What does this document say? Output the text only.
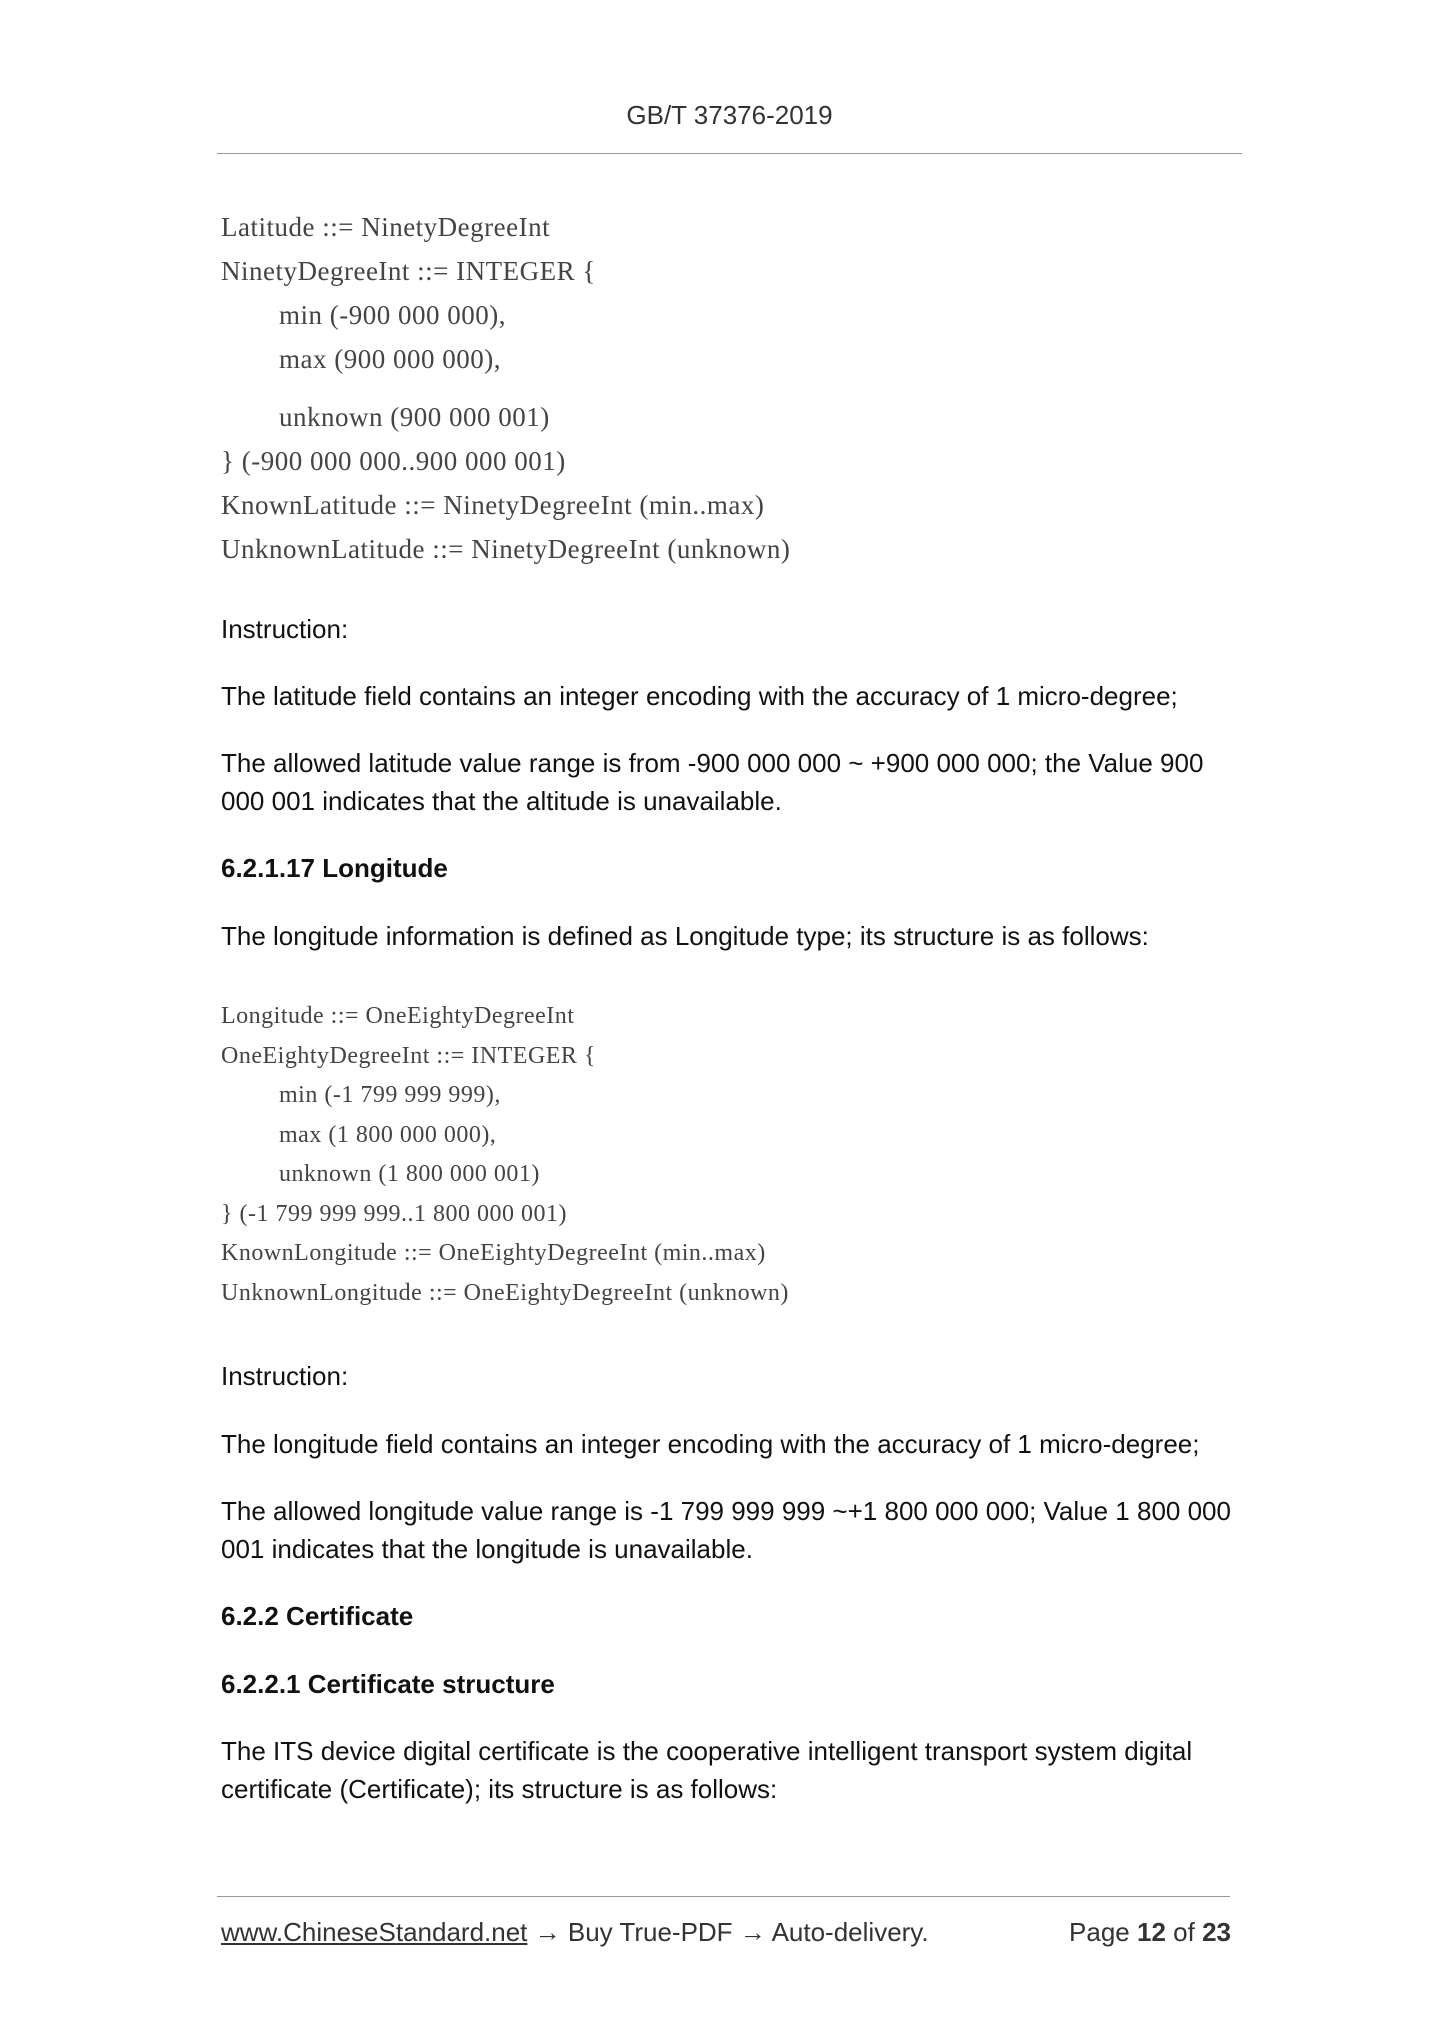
GB/T 37376-2019
Latitude ::= NinetyDegreeInt
NinetyDegreeInt ::= INTEGER {
min (-900 000 000),
max (900 000 000),
unknown (900 000 001)
} (-900 000 000..900 000 001)
KnownLatitude ::= NinetyDegreeInt (min..max)
UnknownLatitude ::= NinetyDegreeInt (unknown)

Instruction:

The latitude field contains an integer encoding with the accuracy of 1 micro-degree;

The allowed latitude value range is from -900 000 000 ~ +900 000 000; the Value 900 000 001 indicates that the altitude is unavailable.

6.2.1.17 Longitude

The longitude information is defined as Longitude type; its structure is as follows:

Instruction:

The longitude field contains an integer encoding with the accuracy of 1 micro-degree;

The allowed longitude value range is -1 799 999 999 ~+1 800 000 000; Value 1 800 000 001 indicates that the longitude is unavailable.

6.2.2 Certificate

6.2.2.1 Certificate structure

The ITS device digital certificate is the cooperative intelligent transport system digital certificate (Certificate); its structure is as follows:

Longitude ::= OneEightyDegreeInt
OneEightyDegreeInt ::= INTEGER {
min (-1 799 999 999),
max (1 800 000 000),
unknown (1 800 000 001)
} (-1 799 999 999..1 800 000 001)
KnownLongitude ::= OneEightyDegreeInt (min..max)
UnknownLongitude ::= OneEightyDegreeInt (unknown)
www.ChineseStandard.net → Buy True-PDF → Auto-delivery.	Page 12 of 23
